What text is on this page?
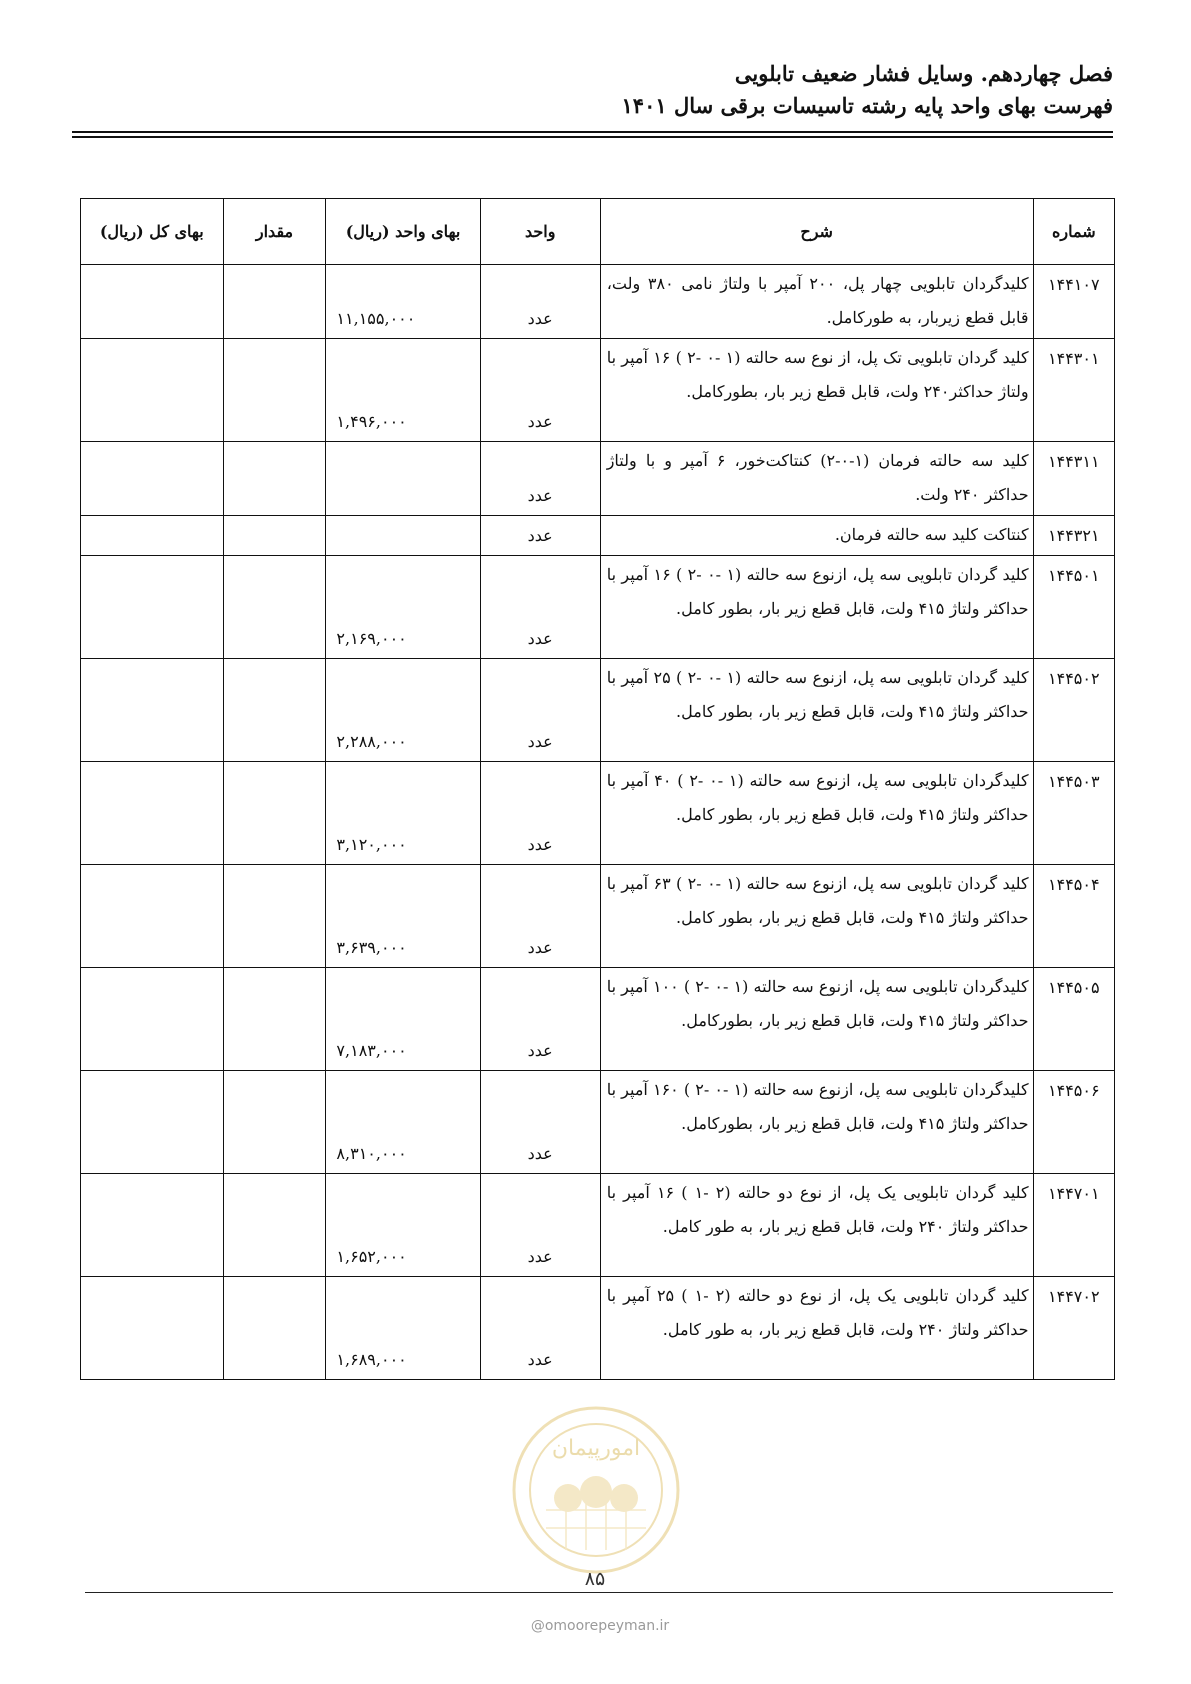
فصل چهاردهم. وسایل فشار ضعیف تابلویی
فهرست بهای واحد پایه رشته تاسیسات برقی سال ۱۴۰۱
شماره	شرح	واحد	بهای واحد (ریال)	مقدار	بهای کل (ریال)
۱۴۴۱۰۷	کلیدگردان تابلویی چهار پل، ۲۰۰ آمپر با ولتاژ نامی ۳۸۰ ولت، قابل قطع زیربار، به طورکامل.	عدد	۱۱,۱۵۵,۰۰۰		
۱۴۴۳۰۱	کلید گردان تابلویی تک پل، از نوع سه حالته (۱ -۰ -۲ ) ۱۶ آمپر با ولتاژ حداکثر۲۴۰ ولت، قابل قطع زیر بار، بطورکامل.	عدد	۱,۴۹۶,۰۰۰		
۱۴۴۳۱۱	کلید سه حالته فرمان (۱-۰-۲) کنتاکت‌خور، ۶ آمپر و با ولتاژ حداکثر ۲۴۰ ولت.	عدد			
۱۴۴۳۲۱	کنتاکت کلید سه حالته فرمان.	عدد			
۱۴۴۵۰۱	کلید گردان تابلویی سه پل، ازنوع سه حالته (۱ -۰ -۲ ) ۱۶ آمپر با حداکثر ولتاژ ۴۱۵ ولت، قابل قطع زیر بار، بطور کامل.	عدد	۲,۱۶۹,۰۰۰		
۱۴۴۵۰۲	کلید گردان تابلویی سه پل، ازنوع سه حالته (۱ -۰ -۲ ) ۲۵ آمپر با حداکثر ولتاژ ۴۱۵ ولت، قابل قطع زیر بار، بطور کامل.	عدد	۲,۲۸۸,۰۰۰		
۱۴۴۵۰۳	کلیدگردان تابلویی سه پل، ازنوع سه حالته (۱ -۰ -۲ ) ۴۰ آمپر با حداکثر ولتاژ ۴۱۵ ولت، قابل قطع زیر بار، بطور کامل.	عدد	۳,۱۲۰,۰۰۰		
۱۴۴۵۰۴	کلید گردان تابلویی سه پل، ازنوع سه حالته (۱ -۰ -۲ ) ۶۳ آمپر با حداکثر ولتاژ ۴۱۵ ولت، قابل قطع زیر بار، بطور کامل.	عدد	۳,۶۳۹,۰۰۰		
۱۴۴۵۰۵	کلیدگردان تابلویی سه پل، ازنوع سه حالته (۱ -۰ -۲ ) ۱۰۰ آمپر با حداکثر ولتاژ ۴۱۵ ولت، قابل قطع زیر بار، بطورکامل.	عدد	۷,۱۸۳,۰۰۰		
۱۴۴۵۰۶	کلیدگردان تابلویی سه پل، ازنوع سه حالته (۱ -۰ -۲ ) ۱۶۰ آمپر با حداکثر ولتاژ ۴۱۵ ولت، قابل قطع زیر بار، بطورکامل.	عدد	۸,۳۱۰,۰۰۰		
۱۴۴۷۰۱	کلید گردان تابلویی یک پل، از نوع دو حالته (۲ -۱ ) ۱۶ آمپر با حداکثر ولتاژ ۲۴۰ ولت، قابل قطع زیر بار، به طور کامل.	عدد	۱,۶۵۲,۰۰۰		
۱۴۴۷۰۲	کلید گردان تابلویی یک پل، از نوع دو حالته (۲ -۱ ) ۲۵ آمپر با حداکثر ولتاژ ۲۴۰ ولت، قابل قطع زیر بار، به طور کامل.	عدد	۱,۶۸۹,۰۰۰		
امورپیمان
۸۵
@omoorepeyman.ir
